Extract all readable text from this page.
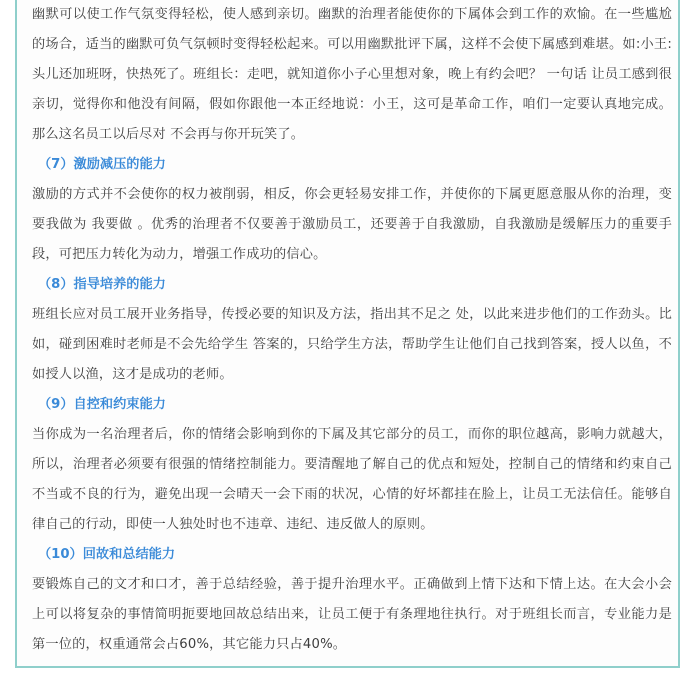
幽默可以使工作气氛变得轻松，使人感到亲切。幽默的治理者能使你的下属体会到工作的欢愉。在一些尴尬的场合，适当的幽默可负气氛顿时变得轻松起来。可以用幽默批评下属，这样不会使下属感到难堪。如:小王:头儿还加班呀，快热死了。班组长：走吧，就知道你小子心里想对象，晚上有约会吧？ 一句话 让员工感到很亲切，觉得你和他没有间隔，假如你跟他一本正经地说：小王，这可是革命工作，咱们一定要认真地完成。那么这名员工以后尽对 不会再与你开玩笑了。

（7）激励减压的能力

激励的方式并不会使你的权力被削弱，相反，你会更轻易安排工作，并使你的下属更愿意服从你的治理，变要我做为 我要做 。优秀的治理者不仅要善于激励员工，还要善于自我激励，自我激励是缓解压力的重要手段，可把压力转化为动力，增强工作成功的信心。

（8）指导培养的能力

班组长应对员工展开业务指导，传授必要的知识及方法，指出其不足之 处，以此来进步他们的工作劲头。比如，碰到困难时老师是不会先给学生 答案的，只给学生方法，帮助学生让他们自己找到答案，授人以鱼，不如授人以渔，这才是成功的老师。

（9）自控和约束能力

当你成为一名治理者后，你的情绪会影响到你的下属及其它部分的员工，而你的职位越高，影响力就越大，所以，治理者必须要有很强的情绪控制能力。要清醒地了解自己的优点和短处，控制自己的情绪和约束自己不当或不良的行为，避免出现一会晴天一会下雨的状况，心情的好坏都挂在脸上，让员工无法信任。能够自律自己的行动，即使一人独处时也不违章、违纪、违反做人的原则。

（10）回故和总结能力

要锻炼自己的文才和口才，善于总结经验，善于提升治理水平。正确做到上情下达和下情上达。在大会小会上可以将复杂的事情简明扼要地回故总结出来，让员工便于有条理地往执行。对于班组长而言，专业能力是第一位的，权重通常会占60%，其它能力只占40%。
